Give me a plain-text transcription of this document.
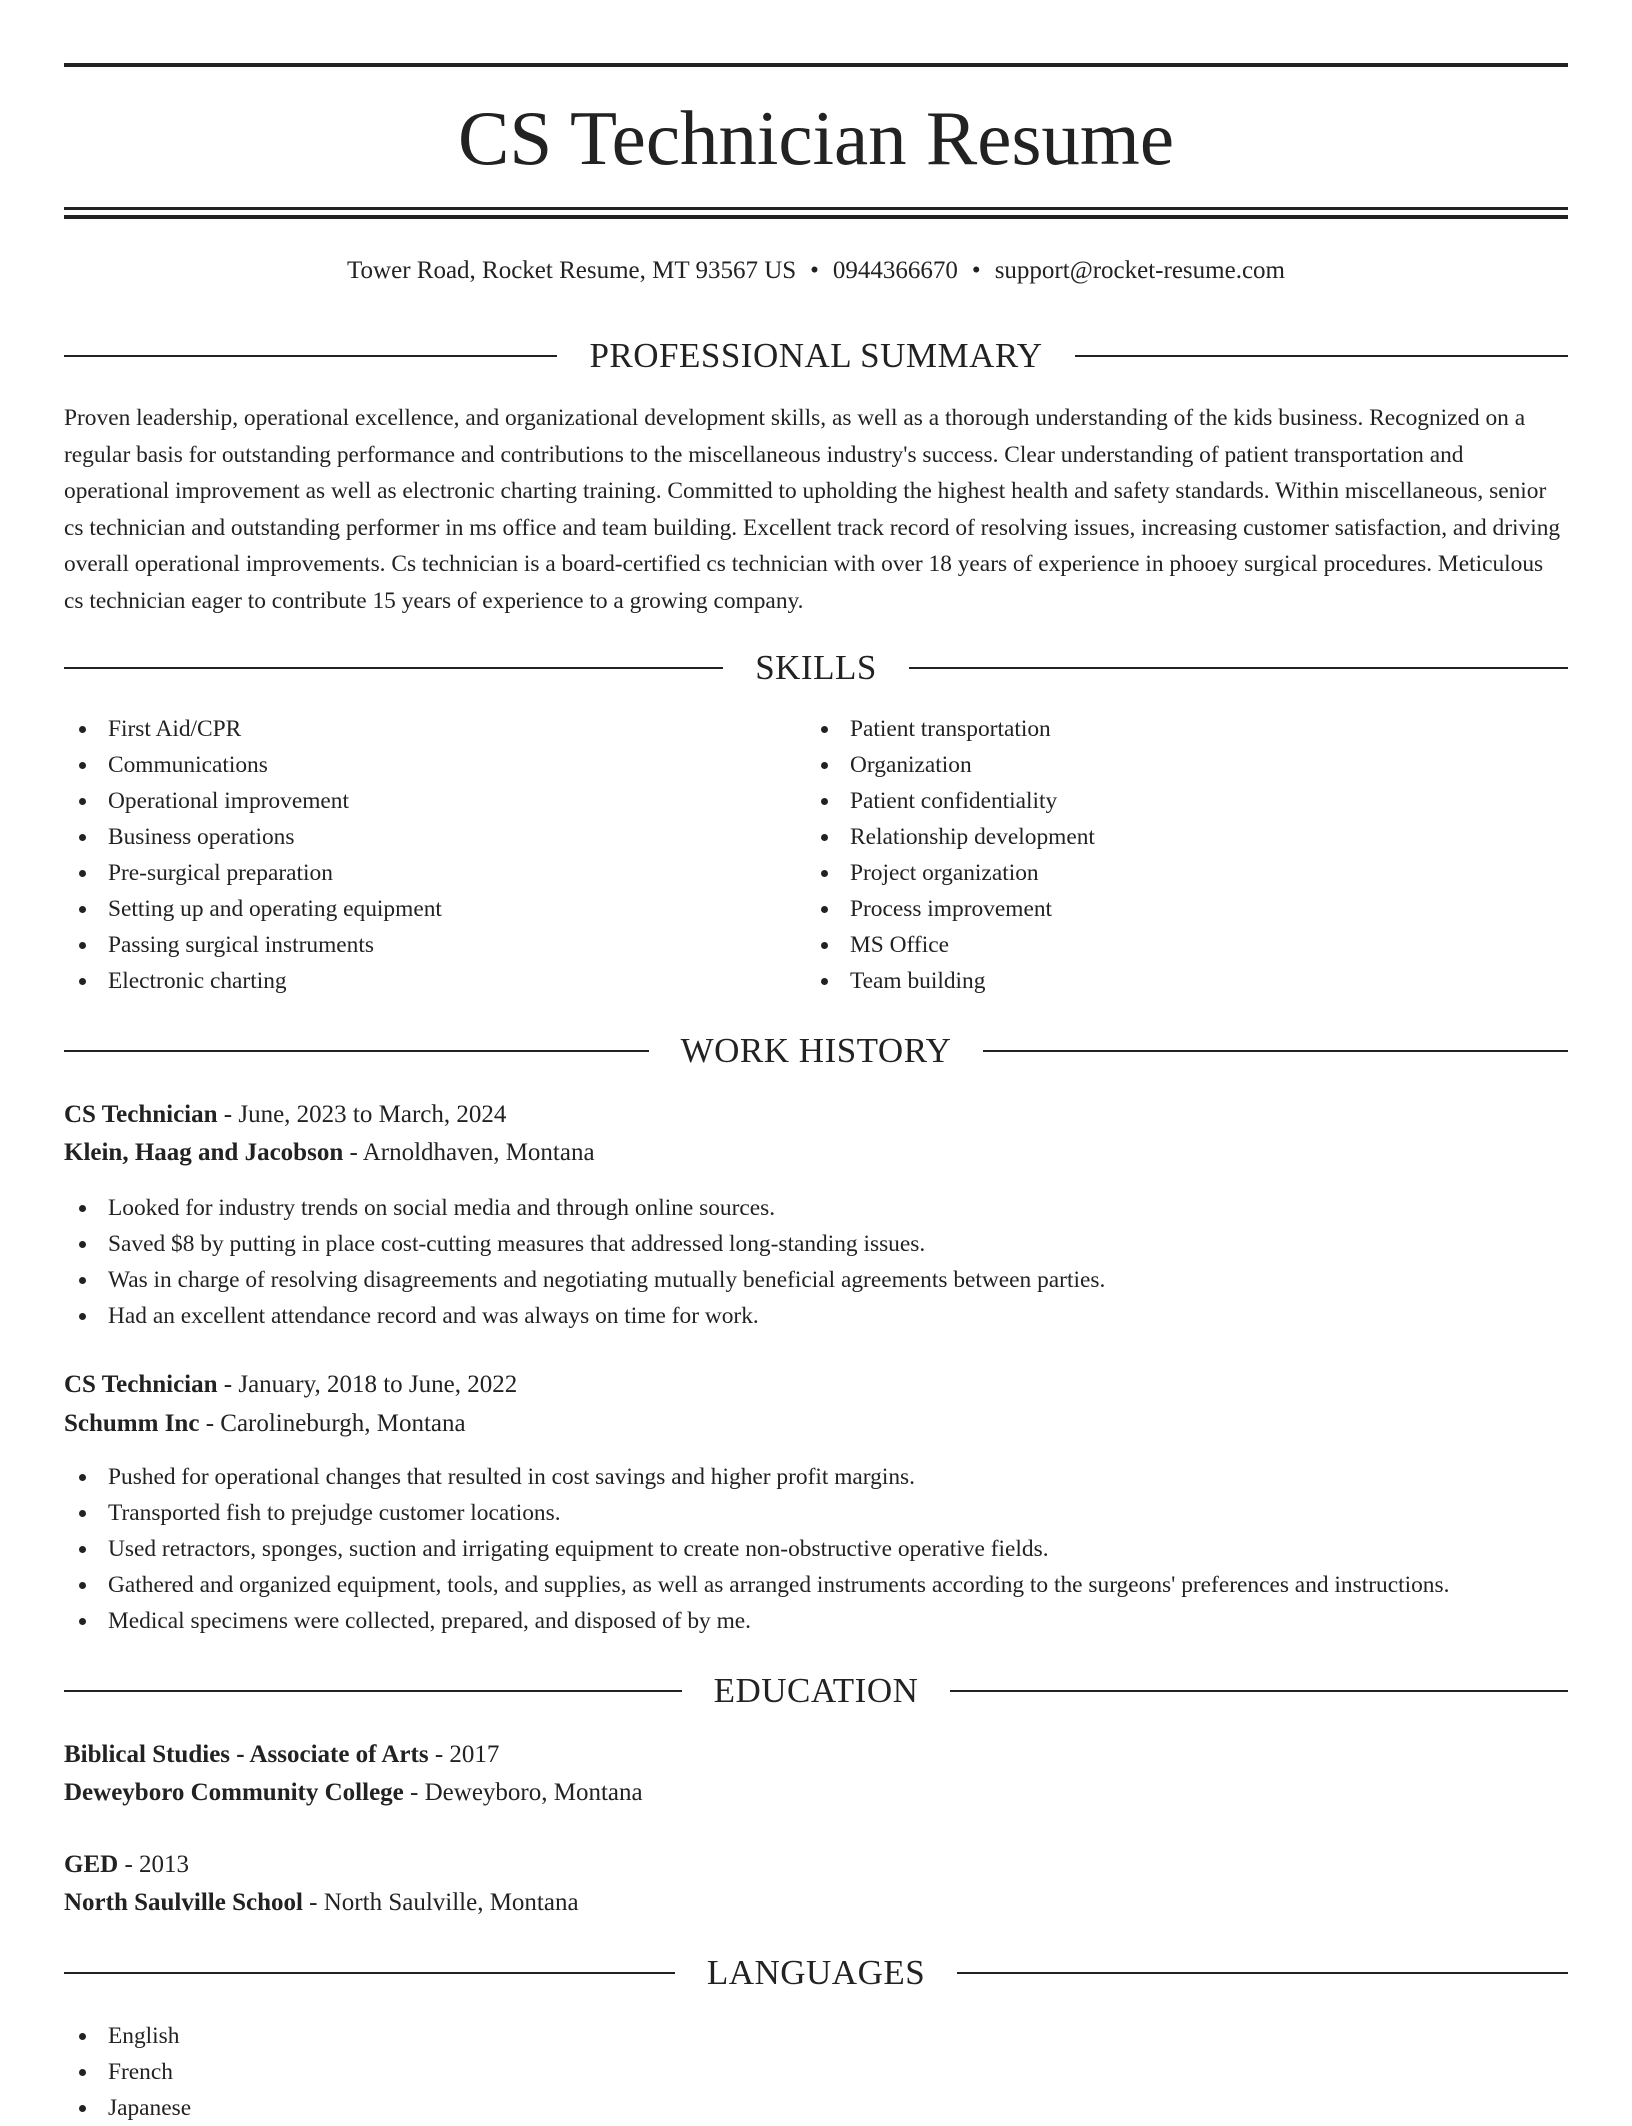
CS Technician Resume
Tower Road, Rocket Resume, MT 93567 US • 0944366670 • support@rocket-resume.com
PROFESSIONAL SUMMARY

Proven leadership, operational excellence, and organizational development skills, as well as a thorough understanding of the kids business. Recognized on a regular basis for outstanding performance and contributions to the miscellaneous industry's success. Clear understanding of patient transportation and operational improvement as well as electronic charting training. Committed to upholding the highest health and safety standards. Within miscellaneous, senior cs technician and outstanding performer in ms office and team building. Excellent track record of resolving issues, increasing customer satisfaction, and driving overall operational improvements. Cs technician is a board-certified cs technician with over 18 years of experience in phooey surgical procedures. Meticulous cs technician eager to contribute 15 years of experience to a growing company.

SKILLS
First Aid/CPR
Communications
Operational improvement
Business operations
Pre-surgical preparation
Setting up and operating equipment
Passing surgical instruments
Electronic charting
Patient transportation
Organization
Patient confidentiality
Relationship development
Project organization
Process improvement
MS Office
Team building
WORK HISTORY
CS Technician - June, 2023 to March, 2024
Klein, Haag and Jacobson - Arnoldhaven, Montana
Looked for industry trends on social media and through online sources.
Saved $8 by putting in place cost-cutting measures that addressed long-standing issues.
Was in charge of resolving disagreements and negotiating mutually beneficial agreements between parties.
Had an excellent attendance record and was always on time for work.
CS Technician - January, 2018 to June, 2022
Schumm Inc - Carolineburgh, Montana
Pushed for operational changes that resulted in cost savings and higher profit margins.
Transported fish to prejudge customer locations.
Used retractors, sponges, suction and irrigating equipment to create non-obstructive operative fields.
Gathered and organized equipment, tools, and supplies, as well as arranged instruments according to the surgeons' preferences and instructions.
Medical specimens were collected, prepared, and disposed of by me.
EDUCATION
Biblical Studies - Associate of Arts - 2017
Deweyboro Community College - Deweyboro, Montana
GED - 2013
North Saulville School - North Saulville, Montana
LANGUAGES
English
French
Japanese
